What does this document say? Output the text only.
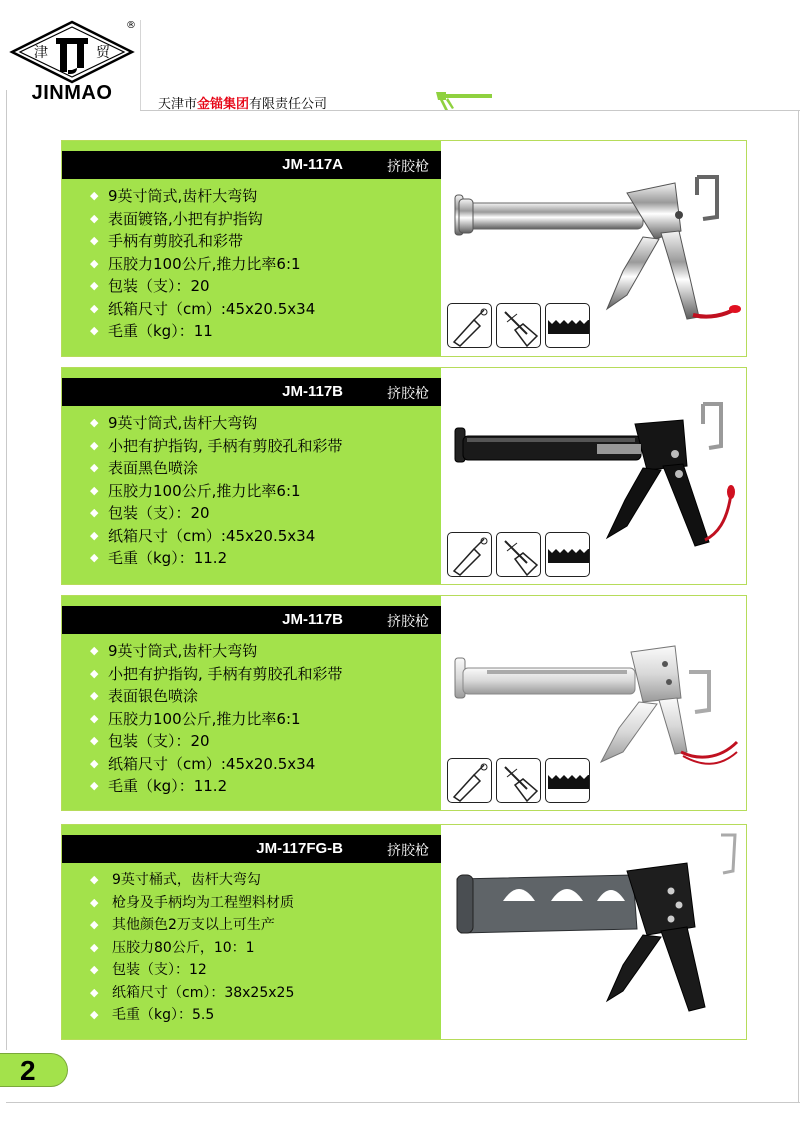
津	贸
®
JINMAO
天津市金锚集团有限责任公司
JM-117A	挤胶枪
◆ 9英寸筒式,齿杆大弯钩
◆ 表面镀铬,小把有护指钩
◆ 手柄有剪胶孔和彩带
◆ 压胶力100公斤,推力比率6:1
◆ 包装（支）：20
◆ 纸箱尺寸（cm）:45x20.5x34
◆ 毛重（kg）：11
JM-117B	挤胶枪
◆ 9英寸筒式,齿杆大弯钩
◆ 小把有护指钩, 手柄有剪胶孔和彩带
◆ 表面黑色喷涂
◆ 压胶力100公斤,推力比率6:1
◆ 包装（支）：20
◆ 纸箱尺寸（cm）:45x20.5x34
◆ 毛重（kg）：11.2
JM-117B	挤胶枪
◆ 9英寸筒式,齿杆大弯钩
◆ 小把有护指钩, 手柄有剪胶孔和彩带
◆ 表面银色喷涂
◆ 压胶力100公斤,推力比率6:1
◆ 包装（支）：20
◆ 纸箱尺寸（cm）:45x20.5x34
◆ 毛重（kg）：11.2
JM-117FG-B	挤胶枪
◆ 9英寸桶式，齿杆大弯勾
◆ 枪身及手柄均为工程塑料材质
◆ 其他颜色2万支以上可生产
◆ 压胶力80公斤，10：1
◆ 包装（支）：12
◆ 纸箱尺寸（cm）：38x25x25
◆ 毛重（kg）：5.5
2
